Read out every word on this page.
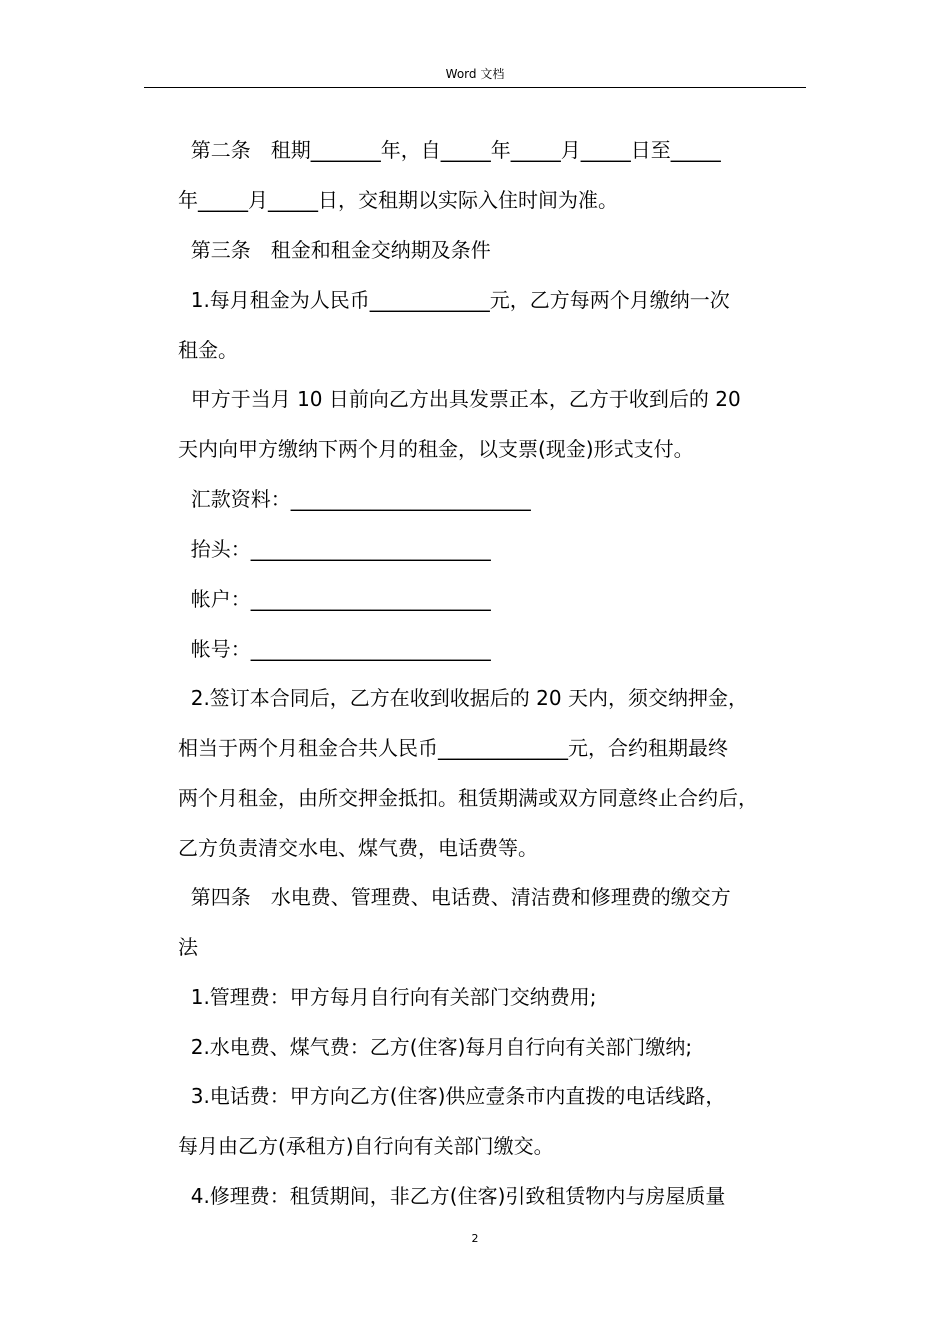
Word 文档
第二条　租期_______年，自_____年_____月_____日至_____
年_____月_____日，交租期以实际入住时间为准。
第三条　租金和租金交纳期及条件
1.每月租金为人民币____________元，乙方每两个月缴纳一次
租金。
甲方于当月 10 日前向乙方出具发票正本，乙方于收到后的 20
天内向甲方缴纳下两个月的租金，以支票(现金)形式支付。
汇款资料：________________________
抬头：________________________
帐户：________________________
帐号：________________________
2.签订本合同后，乙方在收到收据后的 20 天内，须交纳押金，
相当于两个月租金合共人民币_____________元，合约租期最终
两个月租金，由所交押金抵扣。租赁期满或双方同意终止合约后，
乙方负责清交水电、煤气费，电话费等。
第四条　水电费、管理费、电话费、清洁费和修理费的缴交方
法
1.管理费：甲方每月自行向有关部门交纳费用;
2.水电费、煤气费：乙方(住客)每月自行向有关部门缴纳;
3.电话费：甲方向乙方(住客)供应壹条市内直拨的电话线路，
每月由乙方(承租方)自行向有关部门缴交。
4.修理费：租赁期间，非乙方(住客)引致租赁物内与房屋质量
2
